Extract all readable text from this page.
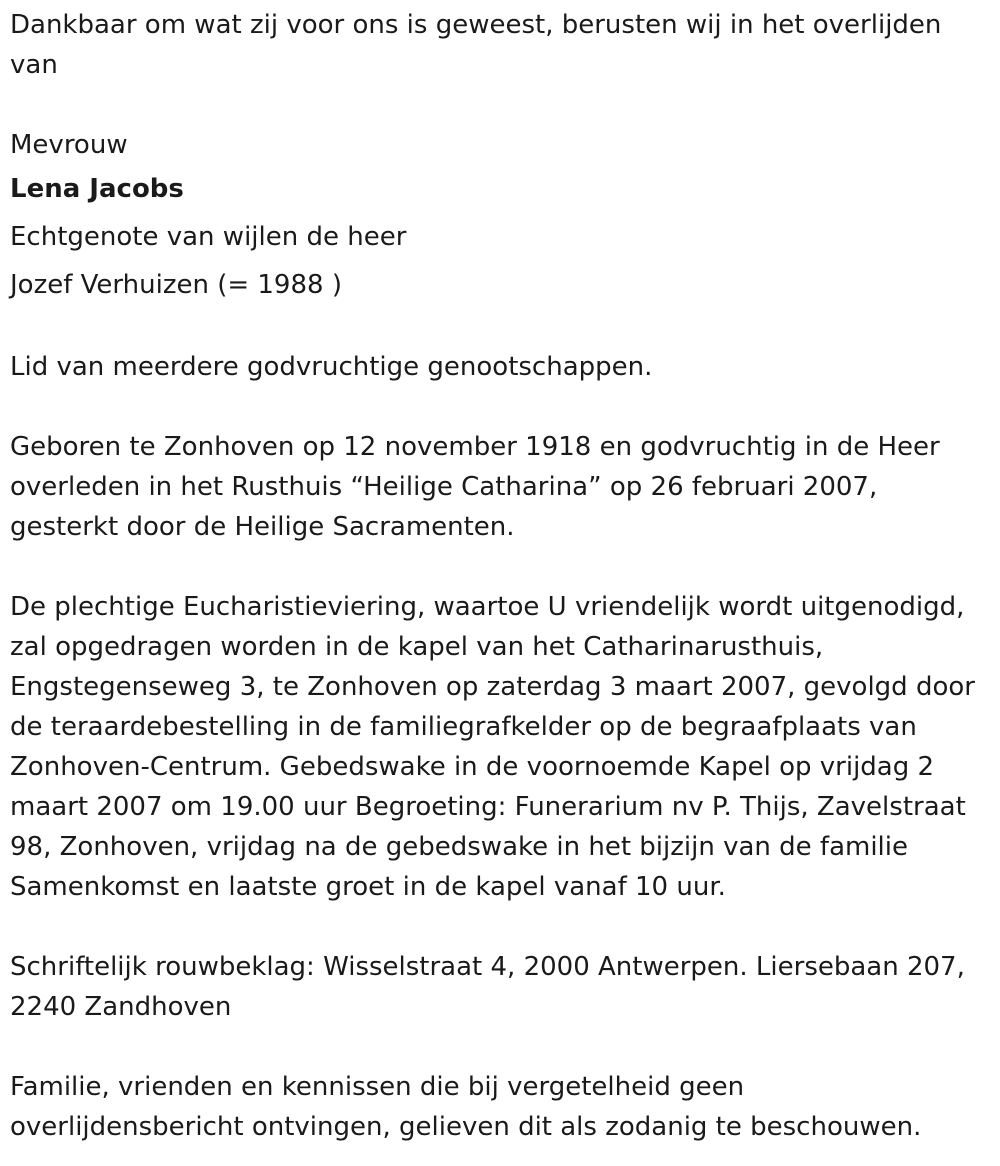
Dankbaar om wat zij voor ons is geweest, berusten wij in het overlijden

van

Mevrouw

Lena Jacobs

Echtgenote van wijlen de heer

Jozef Verhuizen (= 1988 )

Lid van meerdere godvruchtige genootschappen.

Geboren te Zonhoven op 12 november 1918 en godvruchtig in de Heer

overleden in het Rusthuis “Heilige Catharina” op 26 februari 2007,

gesterkt door de Heilige Sacramenten.

De plechtige Eucharistieviering, waartoe U vriendelijk wordt uitgenodigd,

zal opgedragen worden in de kapel van het Catharinarusthuis,

Engstegenseweg 3, te Zonhoven op zaterdag 3 maart 2007, gevolgd door

de teraardebestelling in de familiegrafkelder op de begraafplaats van

Zonhoven-Centrum. Gebedswake in de voornoemde Kapel op vrijdag 2

maart 2007 om 19.00 uur Begroeting: Funerarium nv P. Thijs, Zavelstraat

98, Zonhoven, vrijdag na de gebedswake in het bijzijn van de familie

Samenkomst en laatste groet in de kapel vanaf 10 uur.

Schriftelijk rouwbeklag: Wisselstraat 4, 2000 Antwerpen. Liersebaan 207,

2240 Zandhoven

Familie, vrienden en kennissen die bij vergetelheid geen

overlijdensbericht ontvingen, gelieven dit als zodanig te beschouwen.
